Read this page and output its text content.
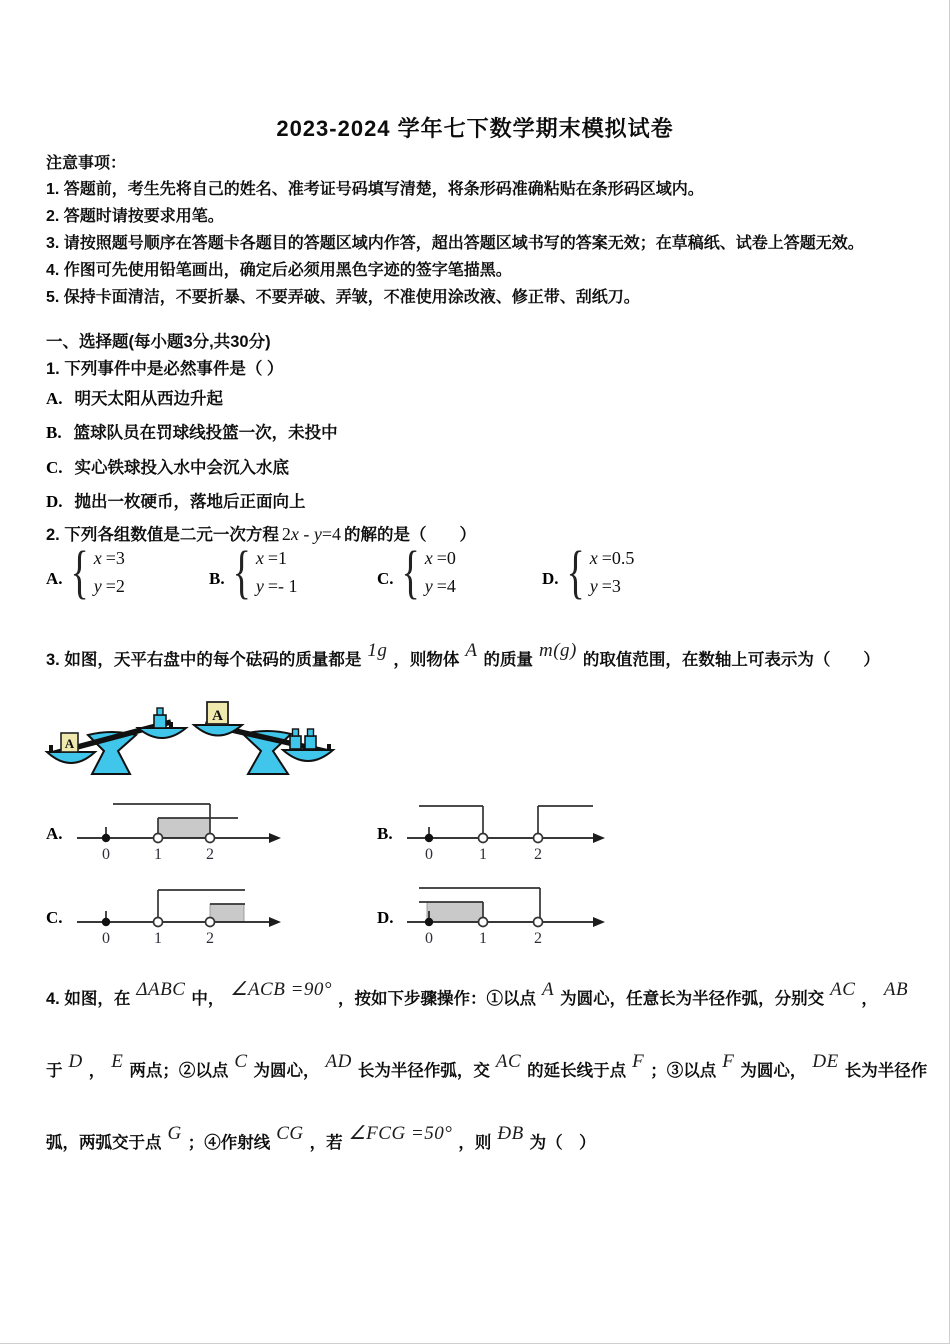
2023-2024 学年七下数学期末模拟试卷
注意事项：
1. 答题前，考生先将自己的姓名、准考证号码填写清楚，将条形码准确粘贴在条形码区域内。
2. 答题时请按要求用笔。
3. 请按照题号顺序在答题卡各题目的答题区域内作答，超出答题区域书写的答案无效；在草稿纸、试卷上答题无效。
4. 作图可先使用铅笔画出，确定后必须用黑色字迹的签字笔描黑。
5. 保持卡面清洁，不要折暴、不要弄破、弄皱，不准使用涂改液、修正带、刮纸刀。
一、选择题(每小题3分,共30分)
1. 下列事件中是必然事件是（ ）
A. 明天太阳从西边升起
B. 篮球队员在罚球线投篮一次，未投中
C. 实心铁球投入水中会沉入水底
D. 抛出一枚硬币，落地后正面向上
2. 下列各组数值是二元一次方程 2x - y=4 的解的是（　　）
A. { x =3
y =2	B. { x =1
y =- 1	C. { x =0
y =4	D. { x =0.5
y =3
3. 如图，天平右盘中的每个砝码的质量都是 1g ，则物体 A 的质量 m(g) 的取值范围，在数轴上可表示为（　　）
A
A
A.
0	1	2
B.
0	1	2
C.
0	1	2
D.
0	1	2
4. 如图，在 ΔABC 中， ∠ACB =90° ，按如下步骤操作：①以点 A 为圆心，任意长为半径作弧，分别交 AC ， AB
于 D ， E 两点；②以点 C 为圆心， AD 长为半径作弧，交 AC 的延长线于点 F ；③以点 F 为圆心， DE 长为半径作
弧，两弧交于点 G ；④作射线 CG ，若 ∠FCG =50° ，则 ÐB 为（　）
